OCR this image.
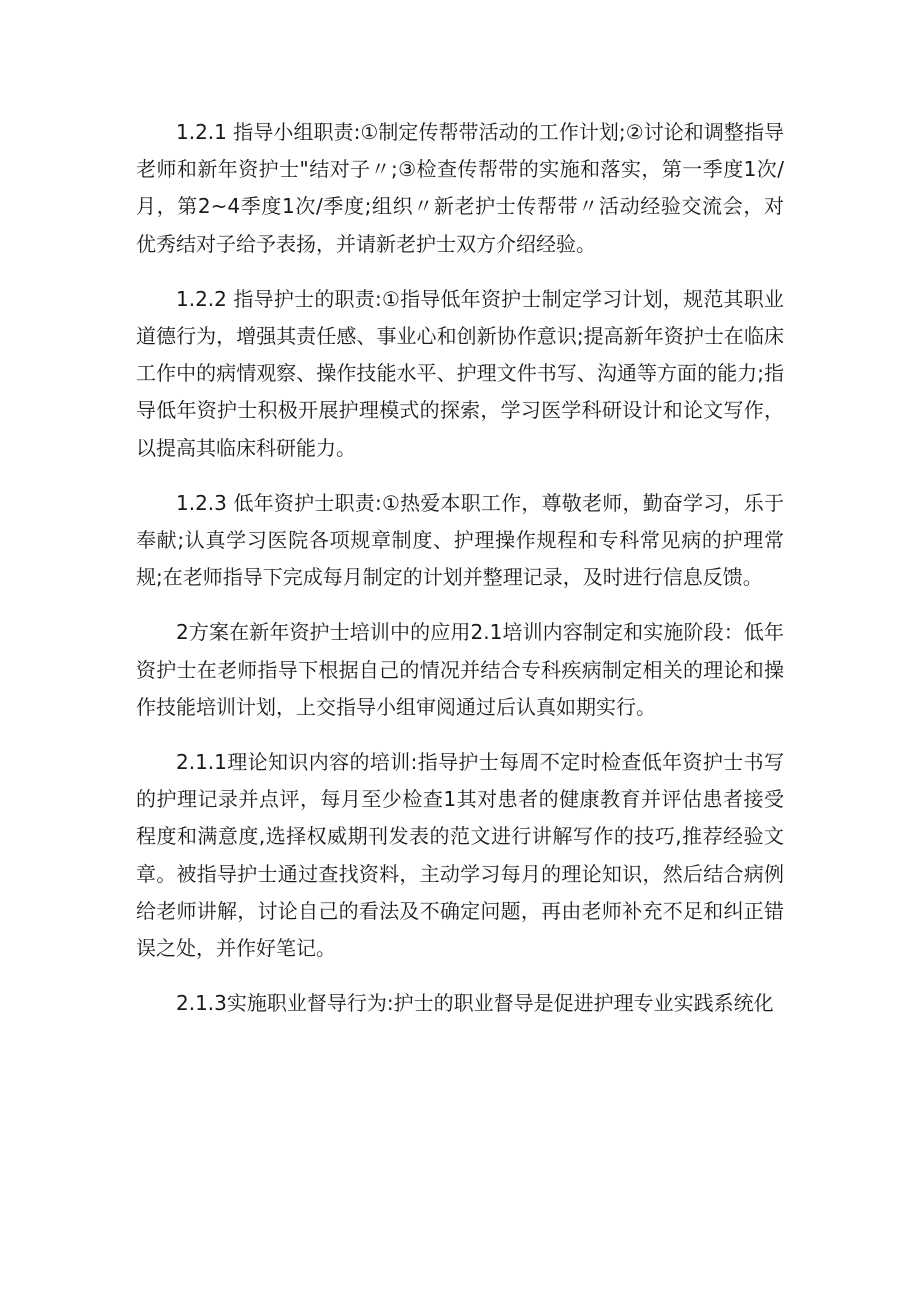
1.2.1 指导小组职责:①制定传帮带活动的工作计划;②讨论和调整指导老师和新年资护士"结对子〃;③检查传帮带的实施和落实，第一季度1次/月，第2~4季度1次/季度;组织〃新老护士传帮带〃活动经验交流会，对优秀结对子给予表扬，并请新老护士双方介绍经验。

1.2.2 指导护士的职责:①指导低年资护士制定学习计划，规范其职业道德行为，增强其责任感、事业心和创新协作意识;提高新年资护士在临床工作中的病情观察、操作技能水平、护理文件书写、沟通等方面的能力;指导低年资护士积极开展护理模式的探索，学习医学科研设计和论文写作，以提高其临床科研能力。

1.2.3 低年资护士职责:①热爱本职工作，尊敬老师，勤奋学习，乐于奉献;认真学习医院各项规章制度、护理操作规程和专科常见病的护理常规;在老师指导下完成每月制定的计划并整理记录，及时进行信息反馈。

2方案在新年资护士培训中的应用2.1培训内容制定和实施阶段：低年资护士在老师指导下根据自己的情况并结合专科疾病制定相关的理论和操作技能培训计划，上交指导小组审阅通过后认真如期实行。

2.1.1理论知识内容的培训:指导护士每周不定时检查低年资护士书写的护理记录并点评，每月至少检查1其对患者的健康教育并评估患者接受程度和满意度,选择权威期刊发表的范文进行讲解写作的技巧,推荐经验文章。被指导护士通过查找资料，主动学习每月的理论知识，然后结合病例给老师讲解，讨论自己的看法及不确定问题，再由老师补充不足和纠正错误之处，并作好笔记。

2.1.3实施职业督导行为:护士的职业督导是促进护理专业实践系统化
